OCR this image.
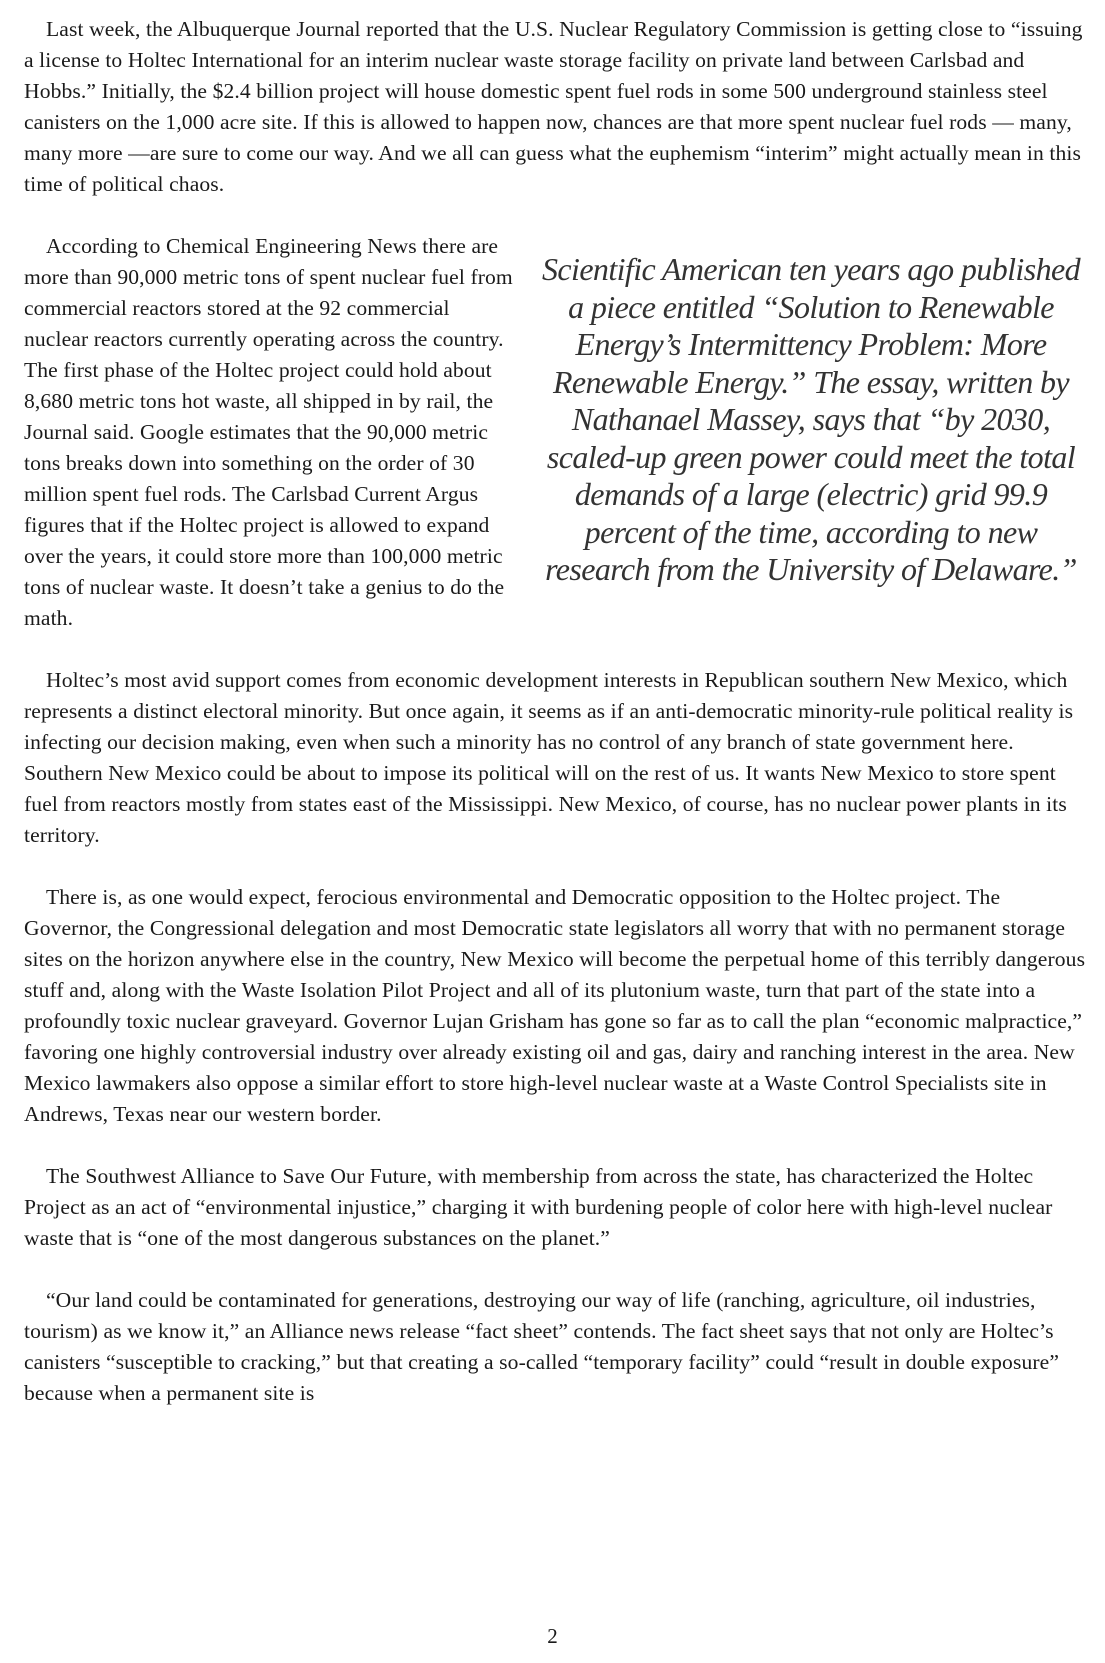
Last week, the Albuquerque Journal reported that the U.S. Nuclear Regulatory Commission is getting close to “issuing a license to Holtec International for an interim nuclear waste storage facility on private land between Carlsbad and Hobbs.” Initially, the $2.4 billion project will house domestic spent fuel rods in some 500 underground stainless steel canisters on the 1,000 acre site. If this is allowed to happen now, chances are that more spent nuclear fuel rods — many, many more —are sure to come our way. And we all can guess what the euphemism “interim” might actually mean in this time of political chaos.

Scientific American ten years ago published a piece entitled “Solution to Renewable Energy’s Intermittency Problem: More Renewable Energy.” The essay, written by Nathanael Massey, says that “by 2030, scaled-up green power could meet the total demands of a large (electric) grid 99.9 percent of the time, according to new research from the University of Delaware.”

According to Chemical Engineering News there are more than 90,000 metric tons of spent nuclear fuel from commercial reactors stored at the 92 commercial nuclear reactors currently operating across the country. The first phase of the Holtec project could hold about 8,680 metric tons hot waste, all shipped in by rail, the Journal said. Google estimates that the 90,000 metric tons breaks down into something on the order of 30 million spent fuel rods. The Carlsbad Current Argus figures that if the Holtec project is allowed to expand over the years, it could store more than 100,000 metric tons of nuclear waste. It doesn’t take a genius to do the math.

Holtec’s most avid support comes from economic development interests in Republican southern New Mexico, which represents a distinct electoral minority. But once again, it seems as if an anti-democratic minority-rule political reality is infecting our decision making, even when such a minority has no control of any branch of state government here. Southern New Mexico could be about to impose its political will on the rest of us. It wants New Mexico to store spent fuel from reactors mostly from states east of the Mississippi. New Mexico, of course, has no nuclear power plants in its territory.

There is, as one would expect, ferocious environmental and Democratic opposition to the Holtec project. The Governor, the Congressional delegation and most Democratic state legislators all worry that with no permanent storage sites on the horizon anywhere else in the country, New Mexico will become the perpetual home of this terribly dangerous stuff and, along with the Waste Isolation Pilot Project and all of its plutonium waste, turn that part of the state into a profoundly toxic nuclear graveyard. Governor Lujan Grisham has gone so far as to call the plan “economic malpractice,” favoring one highly controversial industry over already existing oil and gas, dairy and ranching interest in the area. New Mexico lawmakers also oppose a similar effort to store high-level nuclear waste at a Waste Control Specialists site in Andrews, Texas near our western border.

The Southwest Alliance to Save Our Future, with membership from across the state, has characterized the Holtec Project as an act of “environmental injustice,” charging it with burdening people of color here with high-level nuclear waste that is “one of the most dangerous substances on the planet.”

“Our land could be contaminated for generations, destroying our way of life (ranching, agriculture, oil industries, tourism) as we know it,” an Alliance news release “fact sheet” contends. The fact sheet says that not only are Holtec’s canisters “susceptible to cracking,” but that creating a so-called “temporary facility” could “result in double exposure” because when a permanent site is

2
